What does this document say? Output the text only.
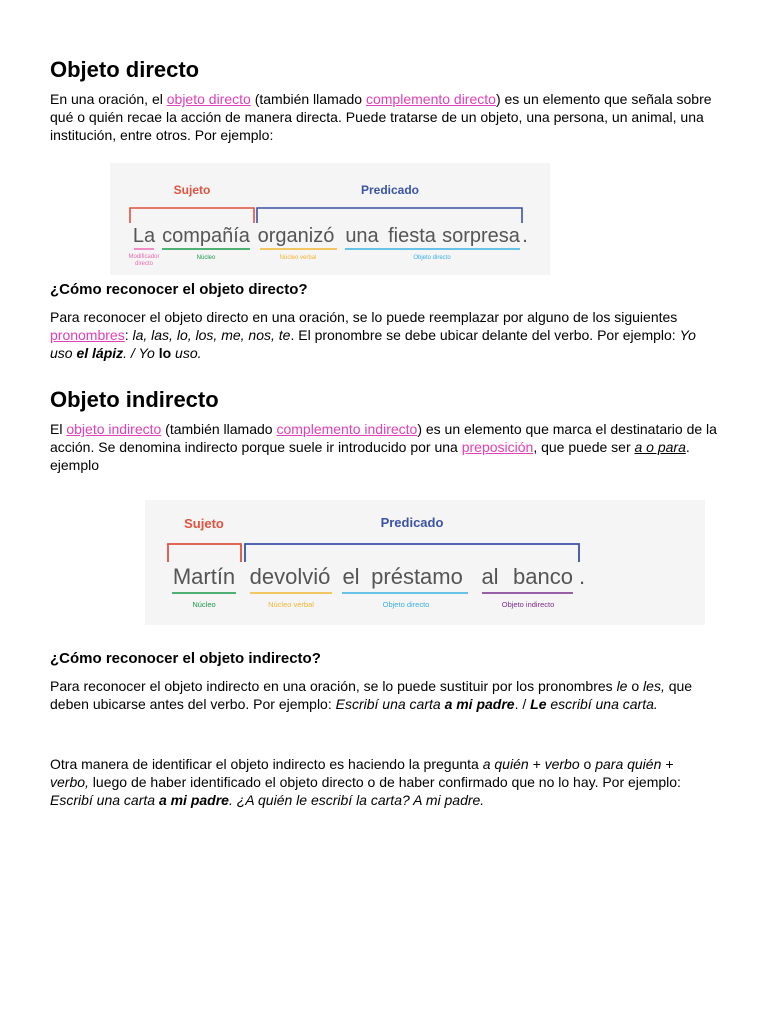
Objeto directo

En una oración, el objeto directo (también llamado complemento directo) es un elemento que señala sobre qué o quién recae la acción de manera directa. Puede tratarse de un objeto, una persona, un animal, una institución, entre otros. Por ejemplo:

Sujeto	Predicado
La compañía organizó una fiesta sorpresa .
Modificador
directo
Núcleo	Núcleo verbal	Objeto directo
¿Cómo reconocer el objeto directo?

Para reconocer el objeto directo en una oración, se lo puede reemplazar por alguno de los siguientes pronombres: la, las, lo, los, me, nos, te. El pronombre se debe ubicar delante del verbo. Por ejemplo: Yo uso el lápiz. / Yo lo uso.

Objeto indirecto

El objeto indirecto (también llamado complemento indirecto) es un elemento que marca el destinatario de la acción. Se denomina indirecto porque suele ir introducido por una preposición, que puede ser a o para. ejemplo

Sujeto	Predicado
Martín devolvió el préstamo al banco .
Núcleo	Núcleo verbal	Objeto directo	Objeto indirecto
¿Cómo reconocer el objeto indirecto?

Para reconocer el objeto indirecto en una oración, se lo puede sustituir por los pronombres le o les, que deben ubicarse antes del verbo. Por ejemplo: Escribí una carta a mi padre. / Le escribí una carta.

Otra manera de identificar el objeto indirecto es haciendo la pregunta a quién + verbo o para quién + verbo, luego de haber identificado el objeto directo o de haber confirmado que no lo hay. Por ejemplo: Escribí una carta a mi padre. ¿A quién le escribí la carta? A mi padre.
